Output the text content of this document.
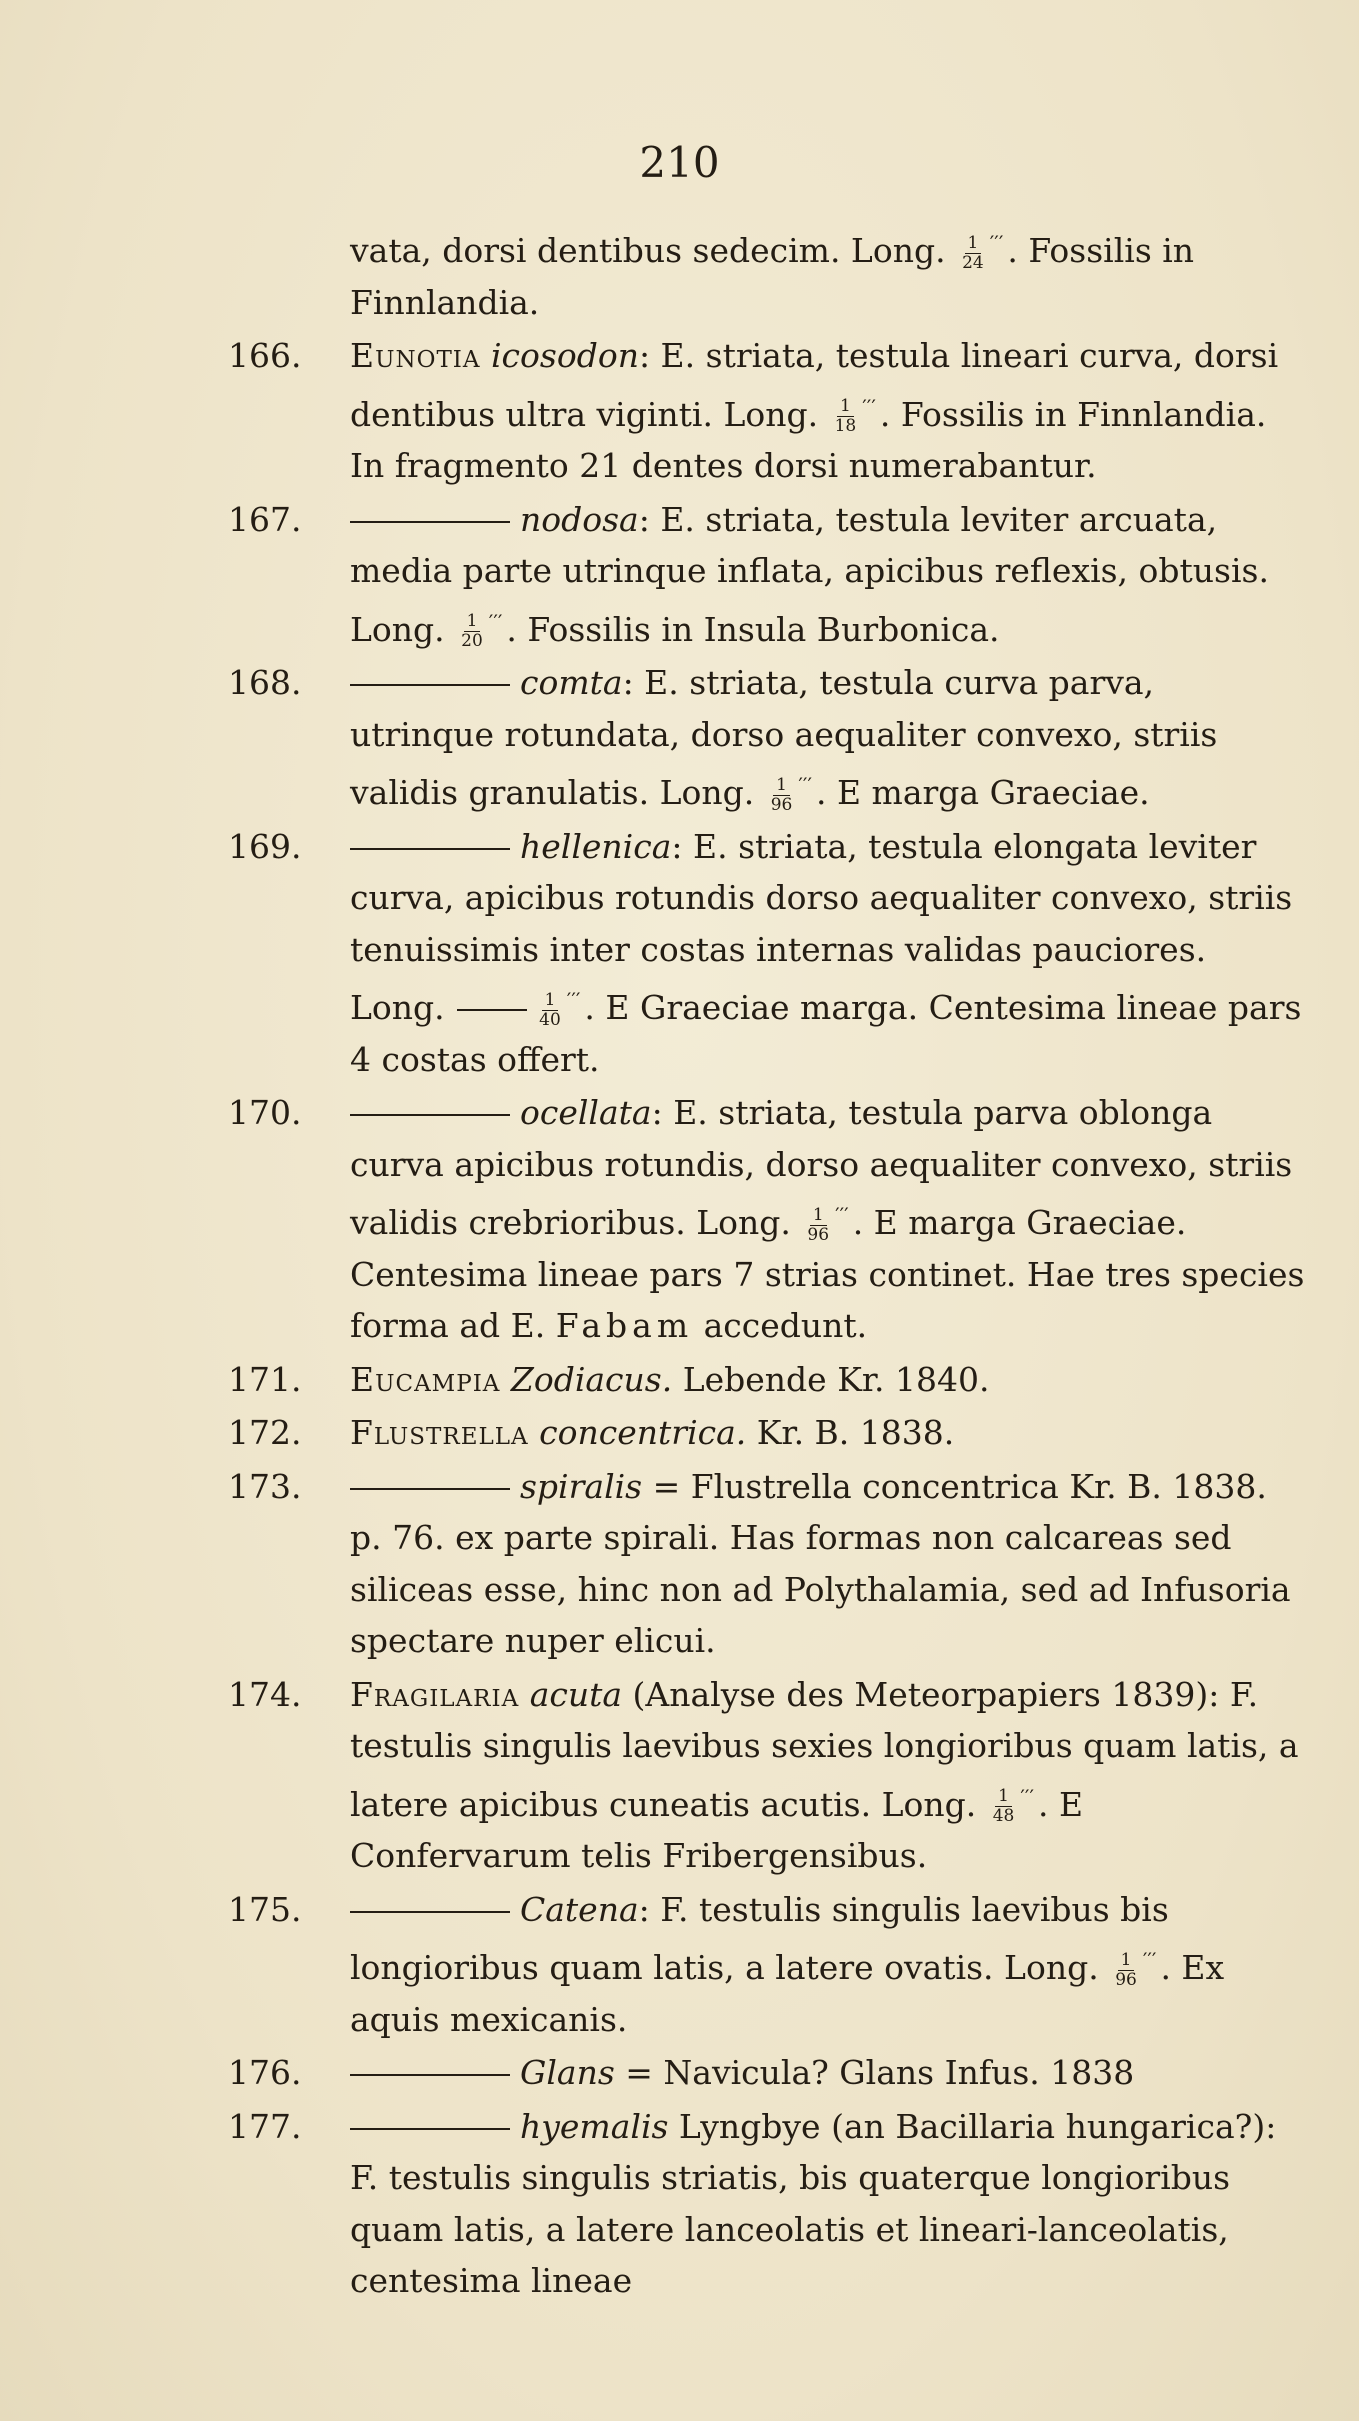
210
vata, dorsi dentibus sedecim. Long. $\frac{1}{24} '''$ . Fossilis in Finnlandia.
166. Eunotia icosodon: E. striata, testula lineari curva, dorsi dentibus ultra viginti. Long. $\frac{1}{18} '''$ . Fossilis in Finnlandia. In fragmento 21 dentes dorsi numerabantur.
167.	nodosa: E. striata, testula leviter arcuata, media parte utrinque inflata, apicibus reflexis, obtusis. Long. $\frac{1}{20} '''$ . Fossilis in Insula Burbonica.
168.	comta: E. striata, testula curva parva, utrinque rotundata, dorso aequaliter convexo, striis validis granulatis. Long. $\frac{1}{96} '''$ . E marga Graeciae.
169.	hellenica: E. striata, testula elongata leviter curva, apicibus rotundis dorso aequaliter convexo, striis tenuissimis inter costas internas validas pauciores. Long.	$\frac{1}{40} '''$ . E Graeciae marga. Centesima lineae pars 4 costas offert.
170.	ocellata: E. striata, testula parva oblonga curva apicibus rotundis, dorso aequaliter convexo, striis validis crebrioribus. Long. $\frac{1}{96} '''$ . E marga Graeciae. Centesima lineae pars 7 strias continet. Hae tres species forma ad E. Fabam accedunt.
171. Eucampia Zodiacus. Lebende Kr. 1840.
172. Flustrella concentrica. Kr. B. 1838.
173.	spiralis = Flustrella concentrica Kr. B. 1838. p. 76. ex parte spirali. Has formas non calcareas sed siliceas esse, hinc non ad Polythalamia, sed ad Infusoria spectare nuper elicui.
174. Fragilaria acuta (Analyse des Meteorpapiers 1839): F. testulis singulis laevibus sexies longioribus quam latis, a latere apicibus cuneatis acutis. Long. $\frac{1}{48} '''$ . E Confervarum telis Fribergensibus.
175.	Catena: F. testulis singulis laevibus bis longioribus quam latis, a latere ovatis. Long. $\frac{1}{96} '''$ . Ex aquis mexicanis.
176.	Glans = Navicula? Glans Infus. 1838
177.	hyemalis Lyngbye (an Bacillaria hungarica?): F. testulis singulis striatis, bis quaterque longioribus quam latis, a latere lanceolatis et lineari-lanceolatis, centesima lineae
